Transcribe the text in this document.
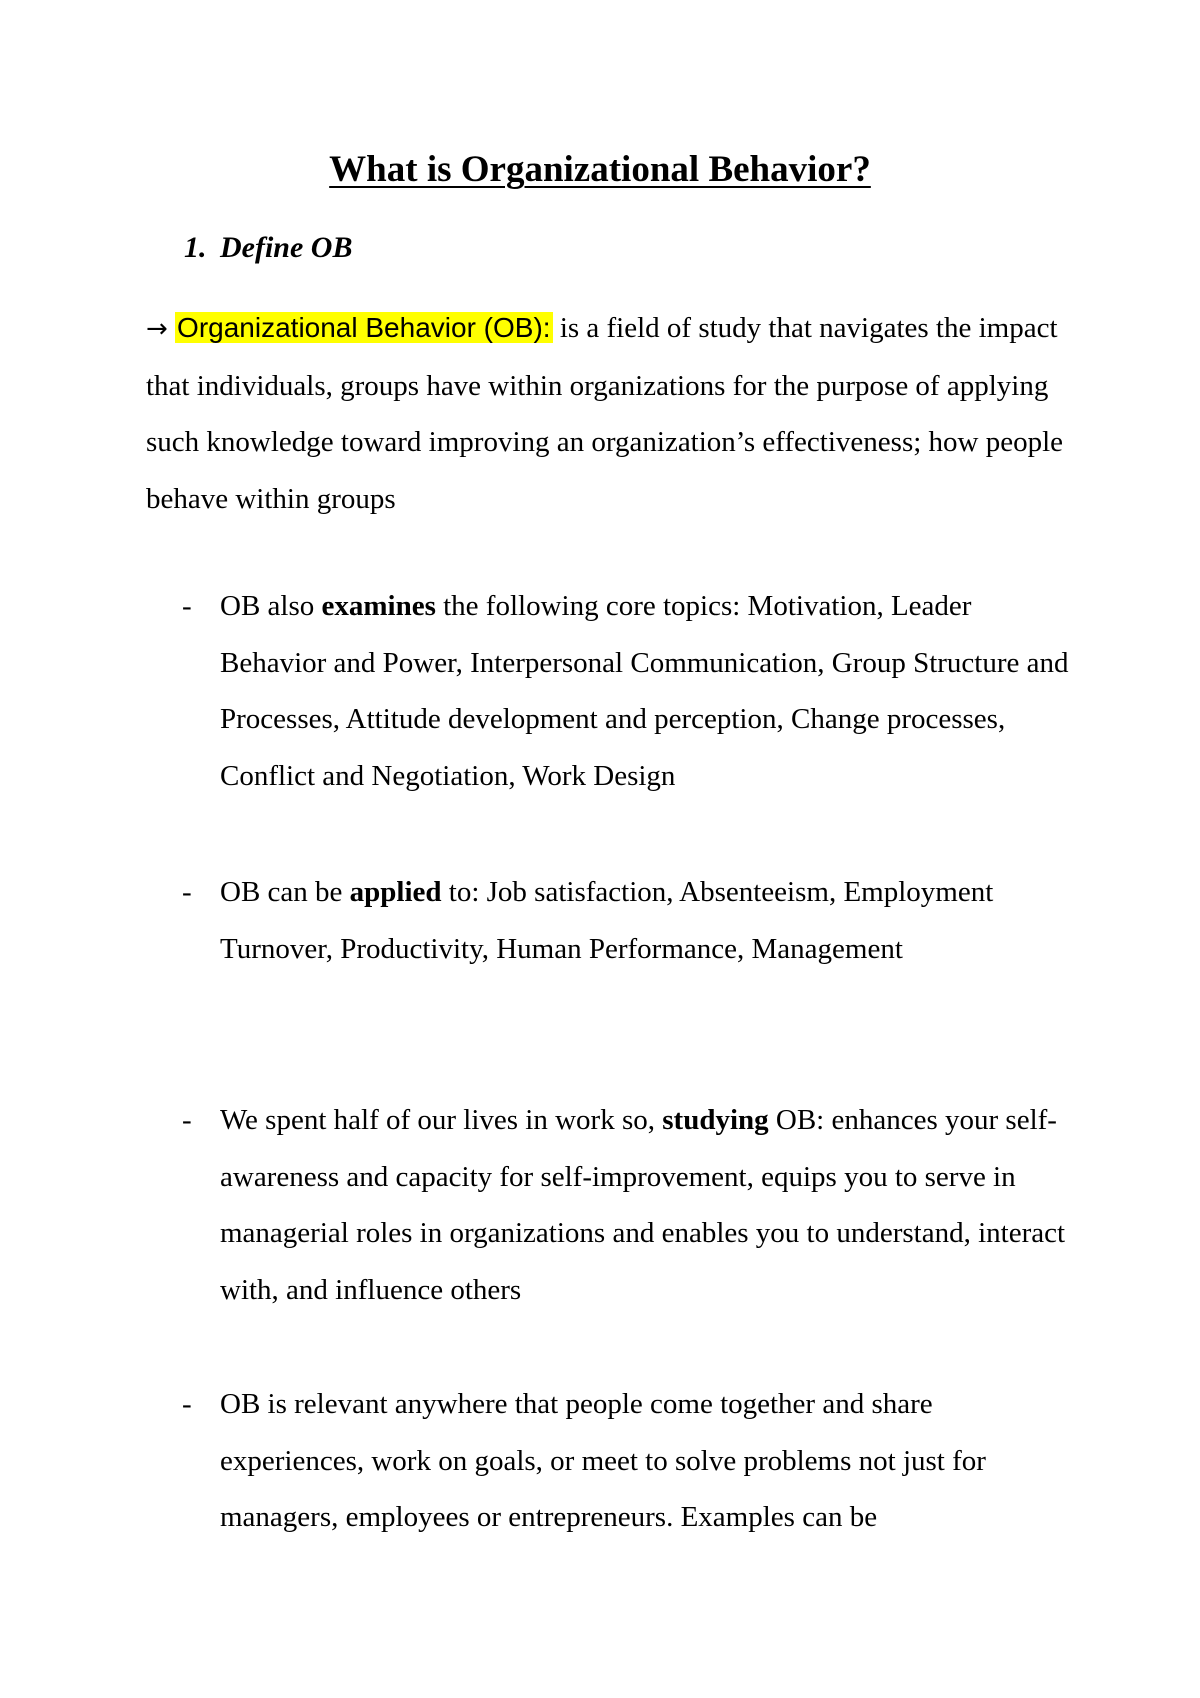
What is Organizational Behavior?
1. Define OB
→ Organizational Behavior (OB): is a field of study that navigates the impact that individuals, groups have within organizations for the purpose of applying such knowledge toward improving an organization’s effectiveness; how people behave within groups
- OB also examines the following core topics: Motivation, Leader Behavior and Power, Interpersonal Communication, Group Structure and Processes, Attitude development and perception, Change processes, Conflict and Negotiation, Work Design
- OB can be applied to: Job satisfaction, Absenteeism, Employment Turnover, Productivity, Human Performance, Management
- We spent half of our lives in work so, studying OB: enhances your self-awareness and capacity for self-improvement, equips you to serve in managerial roles in organizations and enables you to understand, interact with, and influence others
- OB is relevant anywhere that people come together and share experiences, work on goals, or meet to solve problems not just for managers, employees or entrepreneurs. Examples can be
